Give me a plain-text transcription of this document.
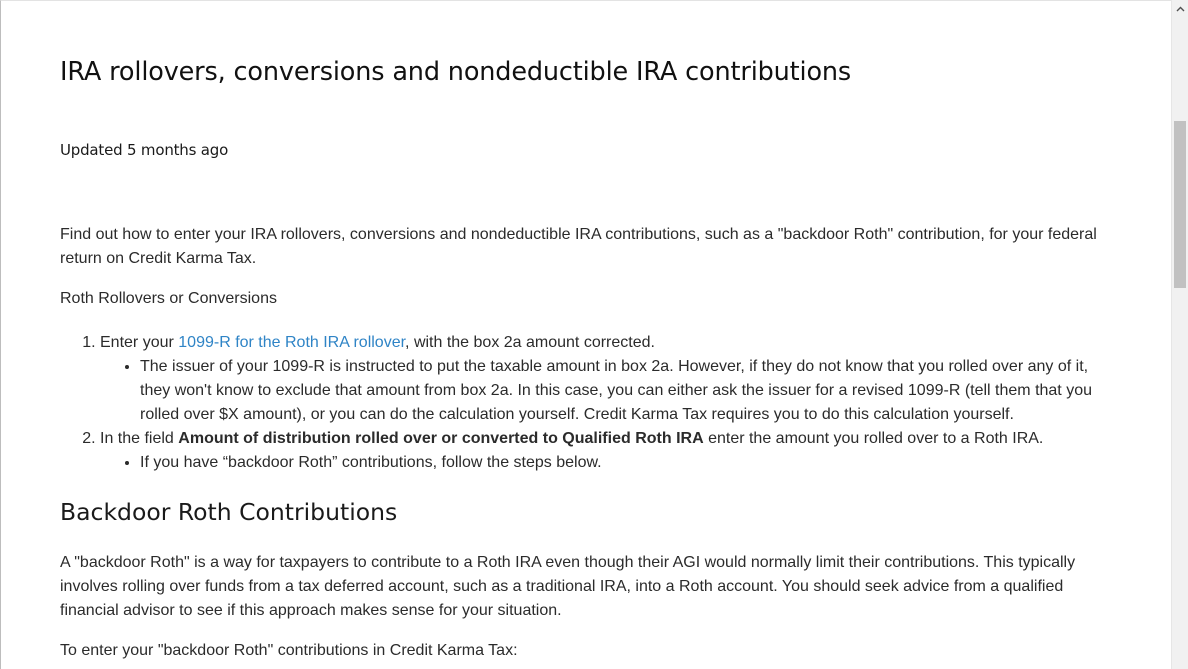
IRA rollovers, conversions and nondeductible IRA contributions
Updated 5 months ago

Find out how to enter your IRA rollovers, conversions and nondeductible IRA contributions, such as a "backdoor Roth" contribution, for your federal return on Credit Karma Tax.

Roth Rollovers or Conversions

1. Enter your 1099-R for the Roth IRA rollover, with the box 2a amount corrected.
• The issuer of your 1099-R is instructed to put the taxable amount in box 2a. However, if they do not know that you rolled over any of it, they won't know to exclude that amount from box 2a. In this case, you can either ask the issuer for a revised 1099-R (tell them that you rolled over $X amount), or you can do the calculation yourself. Credit Karma Tax requires you to do this calculation yourself.
2. In the field Amount of distribution rolled over or converted to Qualified Roth IRA enter the amount you rolled over to a Roth IRA.
• If you have “backdoor Roth” contributions, follow the steps below.
Backdoor Roth Contributions

A "backdoor Roth" is a way for taxpayers to contribute to a Roth IRA even though their AGI would normally limit their contributions. This typically involves rolling over funds from a tax deferred account, such as a traditional IRA, into a Roth account. You should seek advice from a qualified financial advisor to see if this approach makes sense for your situation.

To enter your "backdoor Roth" contributions in Credit Karma Tax:
